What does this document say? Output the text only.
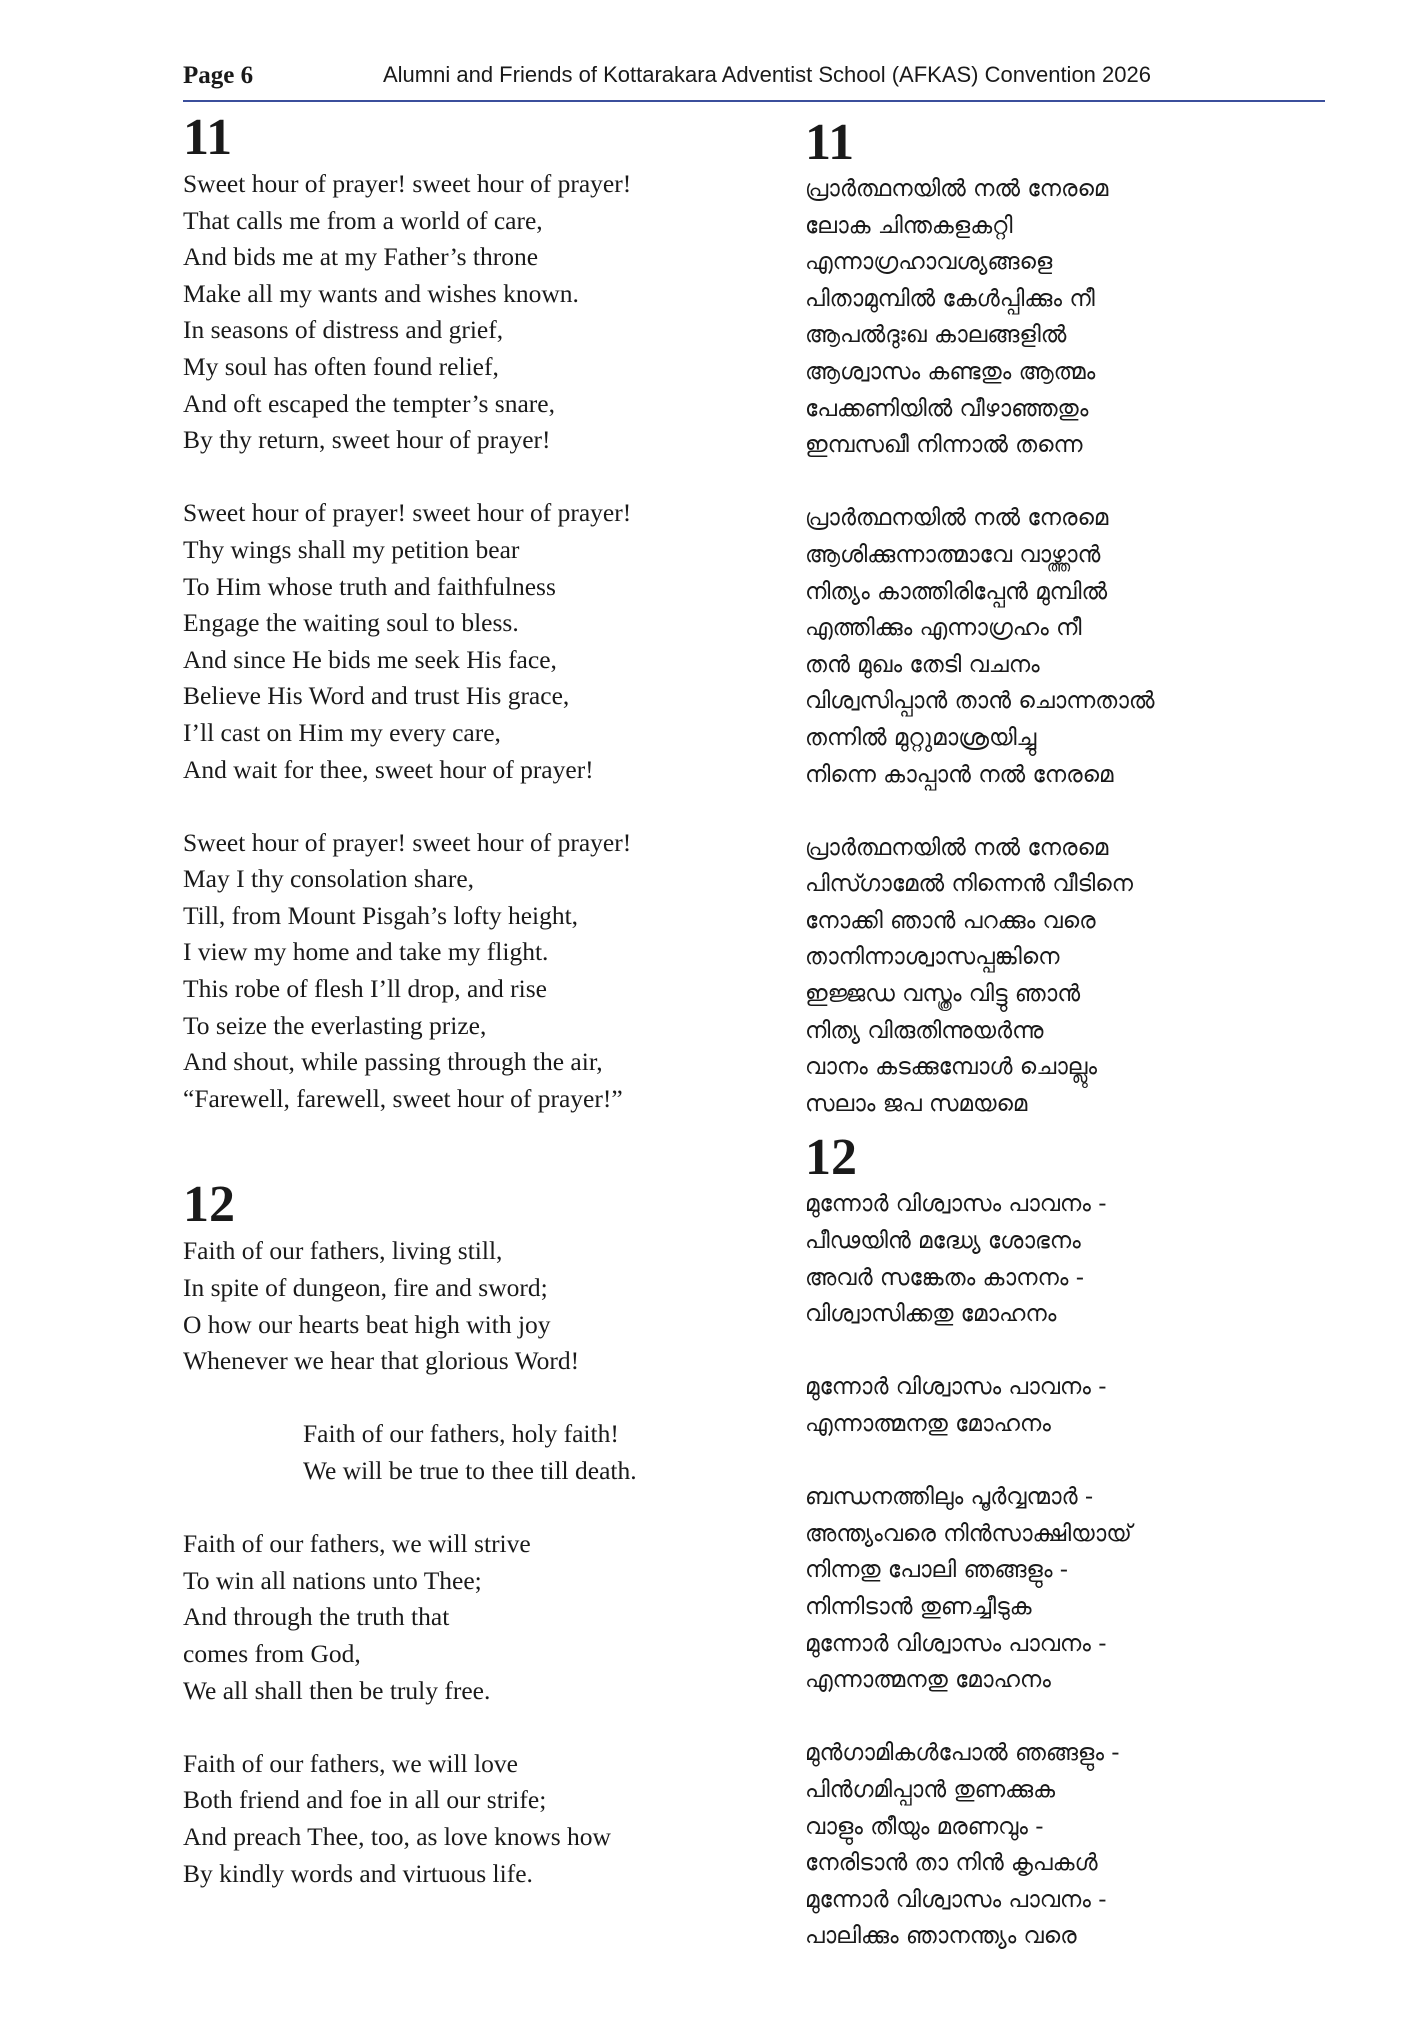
Page 6	Alumni and Friends of Kottarakara Adventist School (AFKAS) Convention 2026
11
Sweet hour of prayer! sweet hour of prayer!
That calls me from a world of care,
And bids me at my Father’s throne
Make all my wants and wishes known.
In seasons of distress and grief,
My soul has often found relief,
And oft escaped the tempter’s snare,
By thy return, sweet hour of prayer!
Sweet hour of prayer! sweet hour of prayer!
Thy wings shall my petition bear
To Him whose truth and faithfulness
Engage the waiting soul to bless.
And since He bids me seek His face,
Believe His Word and trust His grace,
I’ll cast on Him my every care,
And wait for thee, sweet hour of prayer!
Sweet hour of prayer! sweet hour of prayer!
May I thy consolation share,
Till, from Mount Pisgah’s lofty height,
I view my home and take my flight.
This robe of flesh I’ll drop, and rise
To seize the everlasting prize,
And shout, while passing through the air,
“Farewell, farewell, sweet hour of prayer!”
12
Faith of our fathers, living still,
In spite of dungeon, fire and sword;
O how our hearts beat high with joy
Whenever we hear that glorious Word!
Faith of our fathers, holy faith!
We will be true to thee till death.
Faith of our fathers, we will strive
To win all nations unto Thee;
And through the truth that
comes from God,
We all shall then be truly free.
Faith of our fathers, we will love
Both friend and foe in all our strife;
And preach Thee, too, as love knows how
By kindly words and virtuous life.
11
പ്രാർത്ഥനയിൽ നൽ നേരമെ
ലോക ചിന്തകളകറ്റി
എന്നാഗ്രഹാവശ്യങ്ങളെ
പിതാമുമ്പിൽ കേൾപ്പിക്കും നീ
ആപൽദുഃഖ കാലങ്ങളിൽ
ആശ്വാസം കണ്ടതും ആത്മം
പേക്കണിയിൽ വീഴാഞ്ഞതും
ഇമ്പസഖീ നിന്നാൽ തന്നെ
പ്രാർത്ഥനയിൽ നൽ നേരമെ
ആശിക്കുന്നാത്മാവേ വാഴ്ത്താൻ
നിത്യം കാത്തിരിപ്പേൻ മുമ്പിൽ
എത്തിക്കും എന്നാഗ്രഹം നീ
തൻ മുഖം തേടി വചനം
വിശ്വസിപ്പാൻ താൻ ചൊന്നതാൽ
തന്നിൽ മുറ്റുമാശ്രയിച്ചു
നിന്നെ കാപ്പാൻ നൽ നേരമെ
പ്രാർത്ഥനയിൽ നൽ നേരമെ
പിസ്ഗാമേൽ നിന്നെൻ വീടിനെ
നോക്കി ഞാൻ പറക്കും വരെ
താനിന്നാശ്വാസപ്പങ്കിനെ
ഇജ്ജഡ വസ്ത്രം വിട്ടു ഞാൻ
നിത്യ വിരുതിന്നുയർന്നു
വാനം കടക്കുമ്പോൾ ചൊല്ലും
സലാം ജപ സമയമെ
12
മുന്നോർ വിശ്വാസം പാവനം -
പീഢയിൻ മദ്ധ്യേ ശോഭനം
അവർ സങ്കേതം കാനനം -
വിശ്വാസിക്കതു മോഹനം
മുന്നോർ വിശ്വാസം പാവനം -
എന്നാത്മനതു മോഹനം
ബന്ധനത്തിലും പൂർവ്വന്മാർ -
അന്ത്യംവരെ നിൻസാക്ഷിയായ്
നിന്നതു പോലി ഞങ്ങളും -
നിന്നിടാൻ തുണച്ചീടുക
മുന്നോർ വിശ്വാസം പാവനം -
എന്നാത്മനതു മോഹനം
മുൻഗാമികൾപോൽ ഞങ്ങളും -
പിൻഗമിപ്പാൻ തുണക്കുക
വാളും തീയും മരണവും -
നേരിടാൻ താ നിൻ കൃപകൾ
മുന്നോർ വിശ്വാസം പാവനം -
പാലിക്കും ഞാനന്ത്യം വരെ
